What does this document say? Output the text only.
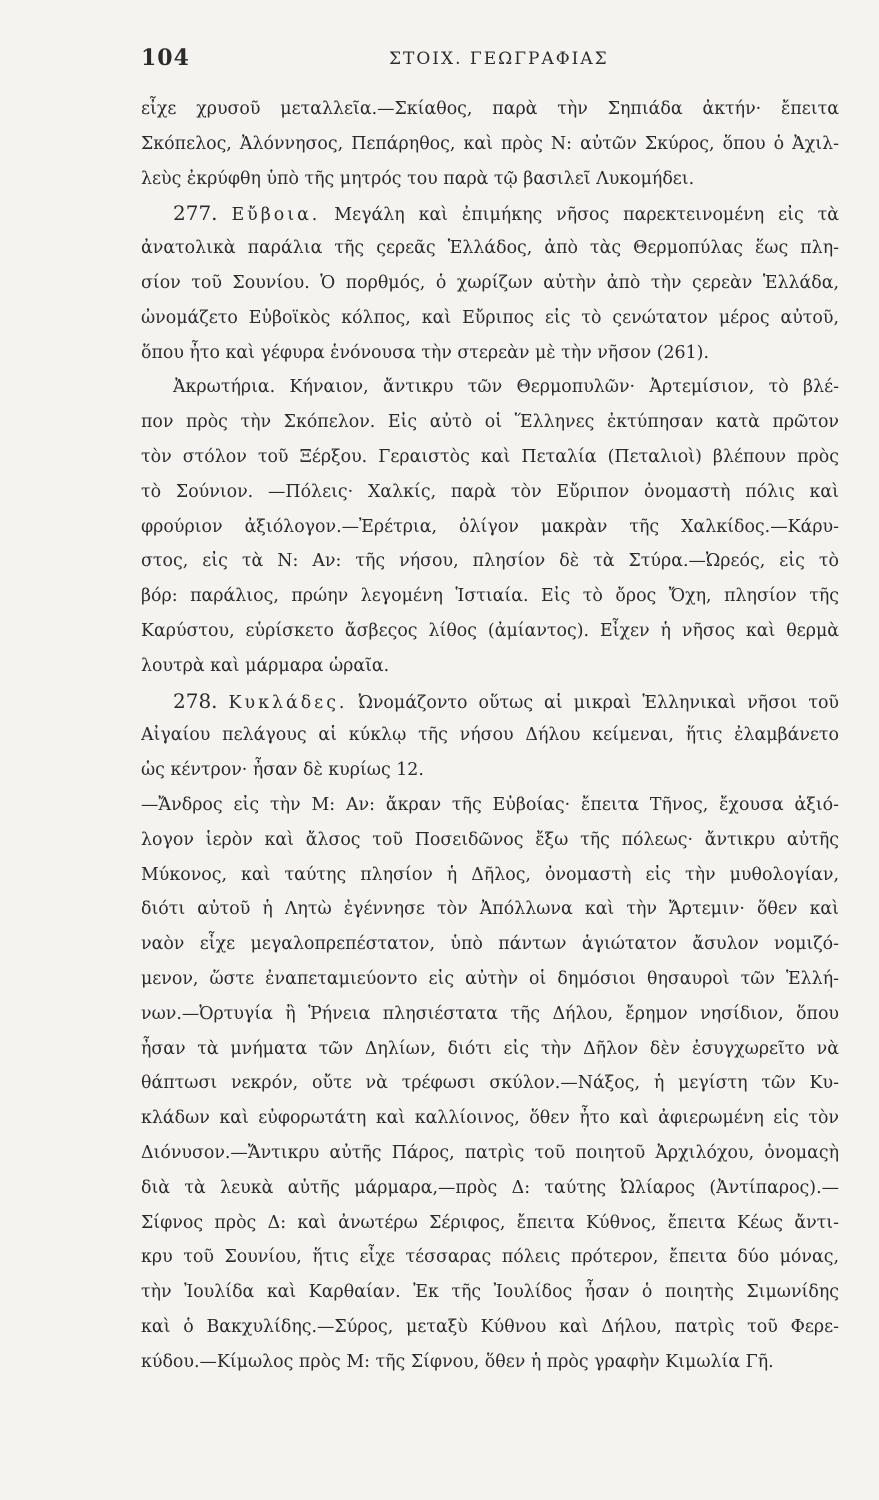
104	ΣΤΟΙΧ. ΓΕΩΓΡΑΦΙΑΣ
εἶχε χρυσοῦ μεταλλεῖα.—Σκίαθος, παρὰ τὴν Σηπιάδα ἀκτήν· ἔπειτα
Σκόπελος, Ἀλόννησος, Πεπάρηθος, καὶ πρὸς Ν: αὐτῶν Σκύρος, ὅπου ὁ Ἀχιλ-
λεὺς ἐκρύφθη ὑπὸ τῆς μητρός του παρὰ τῷ βασιλεῖ Λυκομήδει.
277. Εὔβοια. Μεγάλη καὶ ἐπιμήκης νῆσος παρεκτεινομένη εἰς τὰ
ἀνατολικὰ παράλια τῆς ςερεᾶς Ἑλλάδος, ἀπὸ τὰς Θερμοπύλας ἕως πλη-
σίον τοῦ Σουνίου. Ὁ πορθμός, ὁ χωρίζων αὐτὴν ἀπὸ τὴν ςερεὰν Ἑλλάδα,
ὠνομάζετο Εὐβοϊκὸς κόλπος, καὶ Εὔριπος εἰς τὸ ςενώτατον μέρος αὐτοῦ,
ὅπου ἦτο καὶ γέφυρα ἑνόνουσα τὴν στερεὰν μὲ τὴν νῆσον (261).
Ἀκρωτήρια. Κήναιον, ἄντικρυ τῶν Θερμοπυλῶν· Ἀρτεμίσιον, τὸ βλέ-
πον πρὸς τὴν Σκόπελον. Εἰς αὐτὸ οἱ Ἕλληνες ἐκτύπησαν κατὰ πρῶτον
τὸν στόλον τοῦ Ξέρξου. Γεραιστὸς καὶ Πεταλία (Πεταλιοὶ) βλέπουν πρὸς
τὸ Σούνιον. —Πόλεις· Χαλκίς, παρὰ τὸν Εὔριπον ὀνομαστὴ πόλις καὶ
φρούριον ἀξιόλογον.—Ἐρέτρια, ὀλίγον μακρὰν τῆς Χαλκίδος.—Κάρυ-
στος, εἰς τὰ Ν: Αν: τῆς νήσου, πλησίον δὲ τὰ Στύρα.—Ὠρεός, εἰς τὸ
βόρ: παράλιος, πρώην λεγομένη Ἱστιαία. Εἰς τὸ ὄρος Ὄχη, πλησίον τῆς
Καρύστου, εὑρίσκετο ἄσβεςος λίθος (ἀμίαντος). Εἶχεν ἡ νῆσος καὶ θερμὰ
λουτρὰ καὶ μάρμαρα ὡραῖα.
278. Κυκλάδες. Ὠνομάζοντο οὕτως αἱ μικραὶ Ἑλληνικαὶ νῆσοι τοῦ
Αἰγαίου πελάγους αἱ κύκλῳ τῆς νήσου Δήλου κείμεναι, ἥτις ἐλαμβάνετο
ὡς κέντρον· ἦσαν δὲ κυρίως 12.
—Ἄνδρος εἰς τὴν Μ: Αν: ἄκραν τῆς Εὐβοίας· ἔπειτα Τῆνος, ἔχουσα ἀξιό-
λογον ἱερὸν καὶ ἄλσος τοῦ Ποσειδῶνος ἔξω τῆς πόλεως· ἄντικρυ αὐτῆς
Μύκονος, καὶ ταύτης πλησίον ἡ Δῆλος, ὀνομαστὴ εἰς τὴν μυθολογίαν,
διότι αὐτοῦ ἡ Λητὼ ἐγέννησε τὸν Ἀπόλλωνα καὶ τὴν Ἄρτεμιν· ὅθεν καὶ
ναὸν εἶχε μεγαλοπρεπέστατον, ὑπὸ πάντων ἁγιώτατον ἄσυλον νομιζό-
μενον, ὥστε ἐναπεταμιεύοντο εἰς αὐτὴν οἱ δημόσιοι θησαυροὶ τῶν Ἑλλή-
νων.—Ὀρτυγία ἢ Ῥήνεια πλησιέστατα τῆς Δήλου, ἔρημον νησίδιον, ὅπου
ἦσαν τὰ μνήματα τῶν Δηλίων, διότι εἰς τὴν Δῆλον δὲν ἐσυγχωρεῖτο νὰ
θάπτωσι νεκρόν, οὔτε νὰ τρέφωσι σκύλον.—Νάξος, ἡ μεγίστη τῶν Κυ-
κλάδων καὶ εὐφορωτάτη καὶ καλλίοινος, ὅθεν ἦτο καὶ ἀφιερωμένη εἰς τὸν
Διόνυσον.—Ἄντικρυ αὐτῆς Πάρος, πατρὶς τοῦ ποιητοῦ Ἀρχιλόχου, ὀνομαςὴ
διὰ τὰ λευκὰ αὐτῆς μάρμαρα,—πρὸς Δ: ταύτης Ὠλίαρος (Ἀντίπαρος).—
Σίφνος πρὸς Δ: καὶ ἀνωτέρω Σέριφος, ἔπειτα Κύθνος, ἔπειτα Κέως ἄντι-
κρυ τοῦ Σουνίου, ἥτις εἶχε τέσσαρας πόλεις πρότερον, ἔπειτα δύο μόνας,
τὴν Ἰουλίδα καὶ Καρθαίαν. Ἐκ τῆς Ἰουλίδος ἦσαν ὁ ποιητὴς Σιμωνίδης
καὶ ὁ Βακχυλίδης.—Σύρος, μεταξὺ Κύθνου καὶ Δήλου, πατρὶς τοῦ Φερε-
κύδου.—Κίμωλος πρὸς Μ: τῆς Σίφνου, ὅθεν ἡ πρὸς γραφὴν Κιμωλία Γῆ.
